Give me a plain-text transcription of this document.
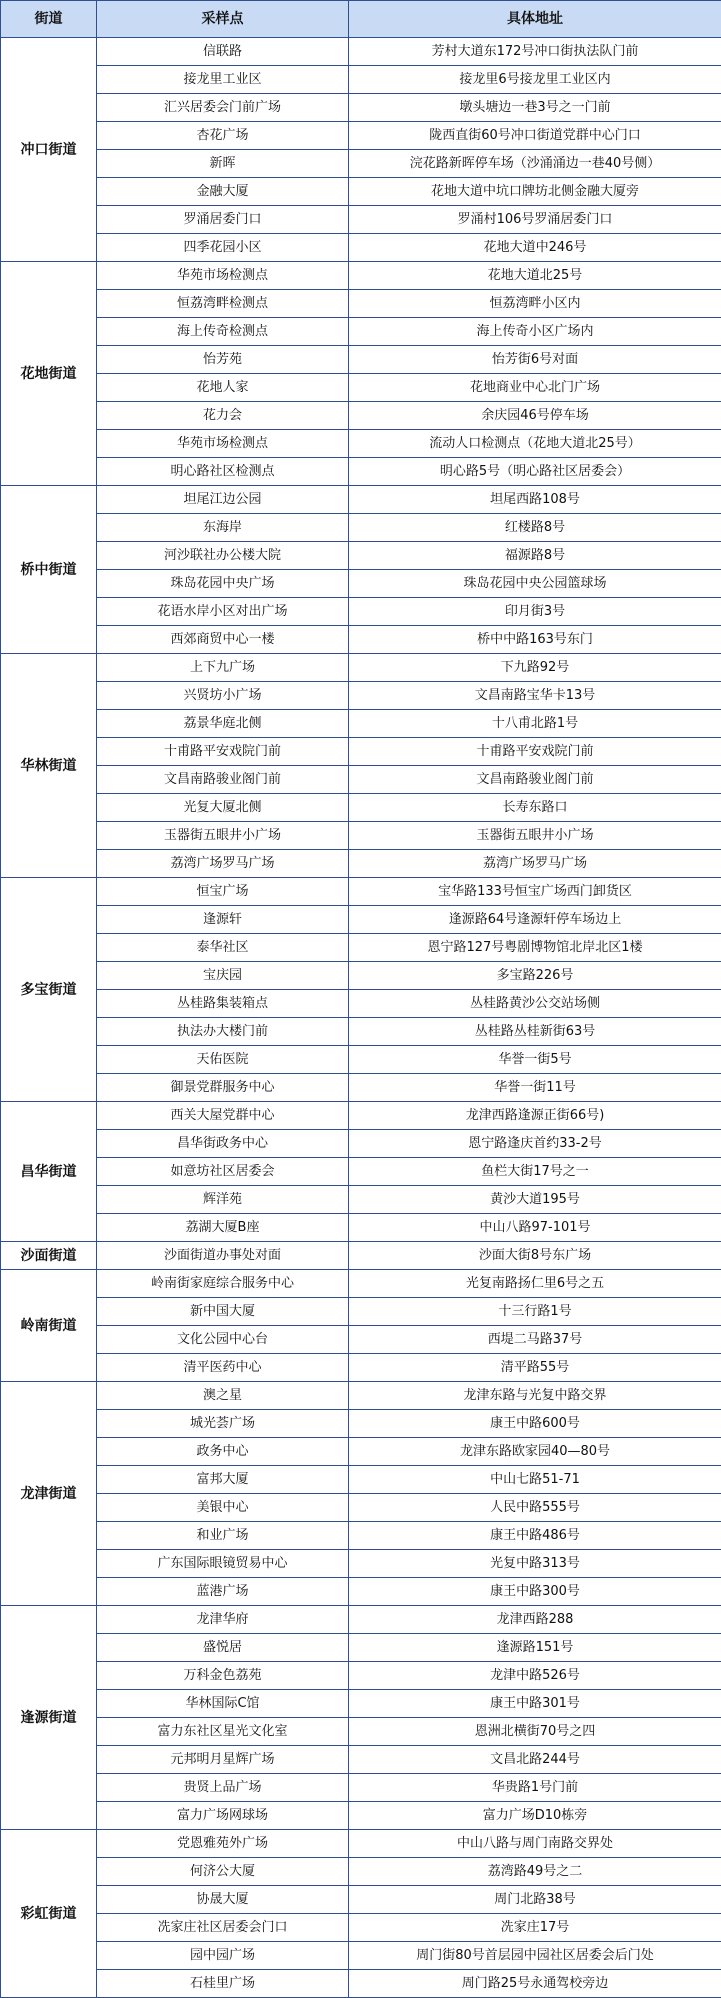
街道	采样点	具体地址
冲口街道	信联路	芳村大道东172号冲口街执法队门前
	接龙里工业区	接龙里6号接龙里工业区内
	汇兴居委会门前广场	墩头塘边一巷3号之一门前
	杏花广场	陇西直街60号冲口街道党群中心门口
	新晖	浣花路新晖停车场（沙涌涌边一巷40号侧）
	金融大厦	花地大道中坑口牌坊北侧金融大厦旁
	罗涌居委门口	罗涌村106号罗涌居委门口
	四季花园小区	花地大道中246号
花地街道	华苑市场检测点	花地大道北25号
	恒荔湾畔检测点	恒荔湾畔小区内
	海上传奇检测点	海上传奇小区广场内
	怡芳苑	怡芳街6号对面
	花地人家	花地商业中心北门广场
	花力会	余庆园46号停车场
	华苑市场检测点	流动人口检测点（花地大道北25号）
	明心路社区检测点	明心路5号（明心路社区居委会）
桥中街道	坦尾江边公园	坦尾西路108号
	东海岸	红楼路8号
	河沙联社办公楼大院	福源路8号
	珠岛花园中央广场	珠岛花园中央公园篮球场
	花语水岸小区对出广场	印月街3号
	西郊商贸中心一楼	桥中中路163号东门
华林街道	上下九广场	下九路92号
	兴贤坊小广场	文昌南路宝华卡13号
	荔景华庭北侧	十八甫北路1号
	十甫路平安戏院门前	十甫路平安戏院门前
	文昌南路骏业阁门前	文昌南路骏业阁门前
	光复大厦北侧	长寿东路口
	玉器街五眼井小广场	玉器街五眼井小广场
	荔湾广场罗马广场	荔湾广场罗马广场
多宝街道	恒宝广场	宝华路133号恒宝广场西门卸货区
	逢源轩	逢源路64号逢源轩停车场边上
	泰华社区	恩宁路127号粤剧博物馆北岸北区1楼
	宝庆园	多宝路226号
	丛桂路集装箱点	丛桂路黄沙公交站场侧
	执法办大楼门前	丛桂路丛桂新街63号
	天佑医院	华誉一街5号
	御景党群服务中心	华誉一街11号
昌华街道	西关大屋党群中心	龙津西路逢源正街66号)
	昌华街政务中心	恩宁路逢庆首约33-2号
	如意坊社区居委会	鱼栏大街17号之一
	辉洋苑	黄沙大道195号
	荔湖大厦B座	中山八路97-101号
沙面街道	沙面街道办事处对面	沙面大街8号东广场
岭南街道	岭南街家庭综合服务中心	光复南路扬仁里6号之五
	新中国大厦	十三行路1号
	文化公园中心台	西堤二马路37号
	清平医药中心	清平路55号
龙津街道	澳之星	龙津东路与光复中路交界
	城光荟广场	康王中路600号
	政务中心	龙津东路欧家园40—80号
	富邦大厦	中山七路51-71
	美银中心	人民中路555号
	和业广场	康王中路486号
	广东国际眼镜贸易中心	光复中路313号
	蓝港广场	康王中路300号
逢源街道	龙津华府	龙津西路288
	盛悦居	逢源路151号
	万科金色荔苑	龙津中路526号
	华林国际C馆	康王中路301号
	富力东社区星光文化室	恩洲北横街70号之四
	元邦明月星辉广场	文昌北路244号
	贵贤上品广场	华贵路1号门前
	富力广场网球场	富力广场D10栋旁
彩虹街道	党恩雅苑外广场	中山八路与周门南路交界处
	何济公大厦	荔湾路49号之二
	协晟大厦	周门北路38号
	冼家庄社区居委会门口	冼家庄17号
	园中园广场	周门街80号首层园中园社区居委会后门处
	石桂里广场	周门路25号永通驾校旁边
